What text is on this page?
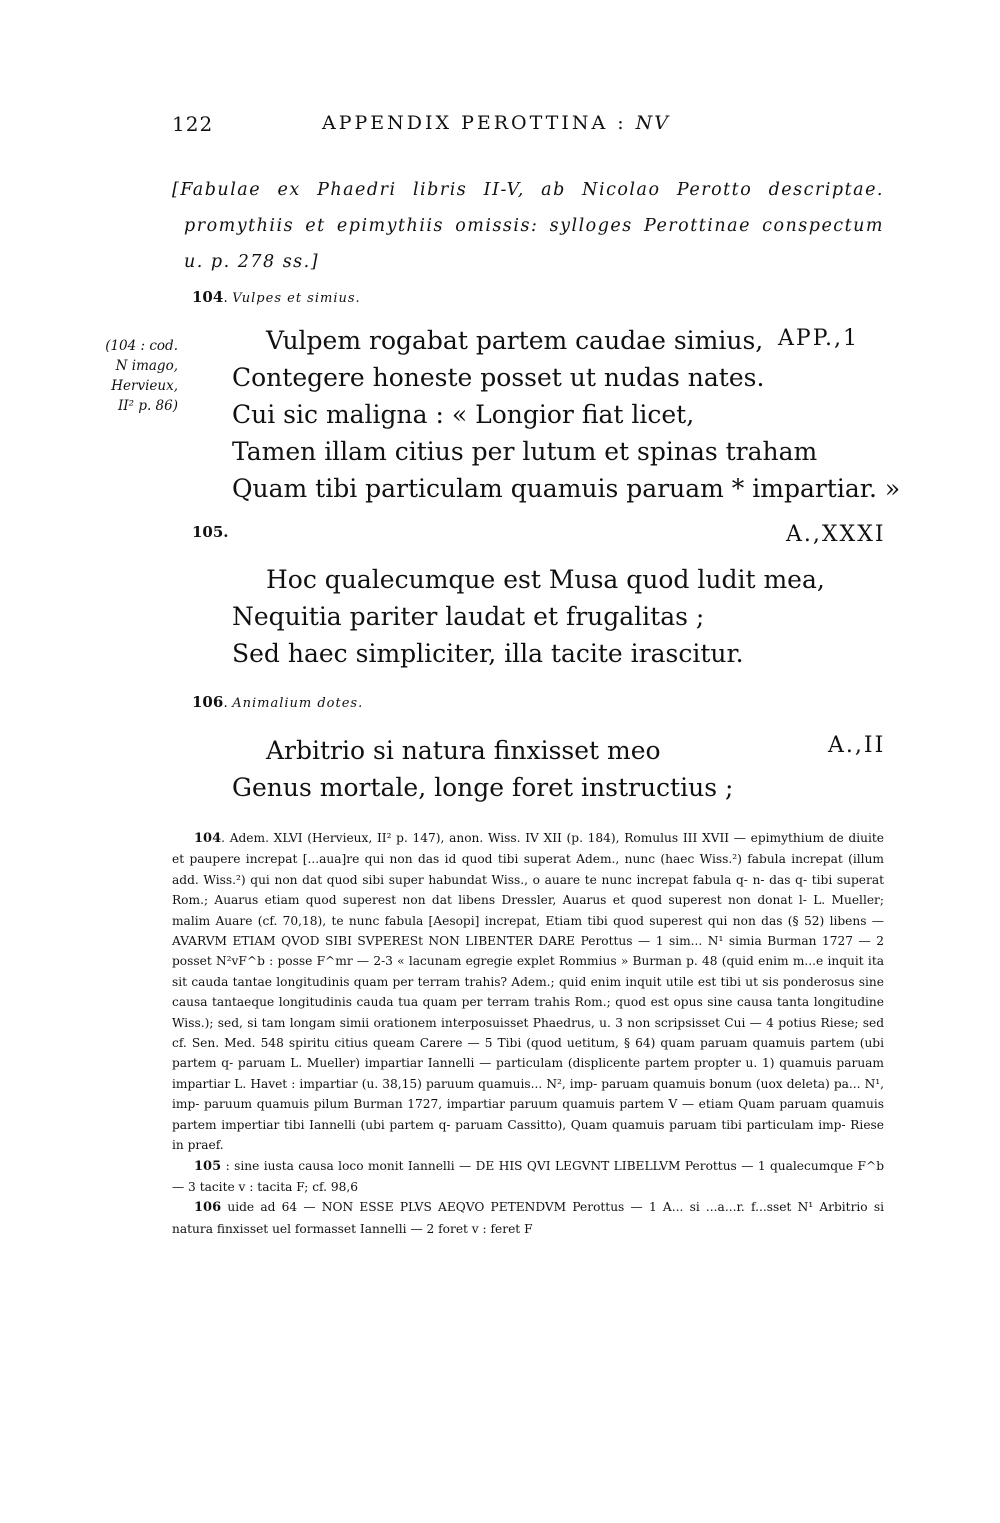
122	APPENDIX PEROTTINA : NV
[Fabulae ex Phaedri libris II-V, ab Nicolao Perotto descriptae. promythiis et epimythiis omissis: sylloges Perottinae conspectum u. p. 278 ss.]
104. Vulpes et simius.
(104 : cod.
N imago,
Hervieux,
II² p. 86)
Vulpem rogabat partem caudae simius,
Contegere honeste posset ut nudas nates.
Cui sic maligna : « Longior fiat licet,
Tamen illam citius per lutum et spinas traham
Quam tibi particulam quamuis paruam * impartiar. »
APP.,1
105.	A.,XXXI
Hoc qualecumque est Musa quod ludit mea,
Nequitia pariter laudat et frugalitas ;
Sed haec simpliciter, illa tacite irascitur.
106. Animalium dotes.
Arbitrio si natura finxisset meo
Genus mortale, longe foret instructius ;
A.,II

104. Adem. XLVI (Hervieux, II² p. 147), anon. Wiss. IV XII (p. 184), Romulus III XVII — epimythium de diuite et paupere increpat [...aua]re qui non das id quod tibi superat Adem., nunc (haec Wiss.²) fabula increpat (illum add. Wiss.²) qui non dat quod sibi super habundat Wiss., o auare te nunc increpat fabula q- n- das q- tibi superat Rom.; Auarus etiam quod superest non dat libens Dressler, Auarus et quod superest non donat l- L. Mueller; malim Auare (cf. 70,18), te nunc fabula [Aesopi] increpat, Etiam tibi quod superest qui non das (§ 52) libens — AVARVM ETIAM QVOD SIBI SVPERESt NON LIBENTER DARE Perottus — 1 sim... N¹ simia Burman 1727 — 2 posset N²vF^b : posse F^mr — 2-3 « lacunam egregie explet Rommius » Burman p. 48 (quid enim m...e inquit ita sit cauda tantae longitudinis quam per terram trahis? Adem.; quid enim inquit utile est tibi ut sis ponderosus sine causa tantaeque longitudinis cauda tua quam per terram trahis Rom.; quod est opus sine causa tanta longitudine Wiss.); sed, si tam longam simii orationem interposuisset Phaedrus, u. 3 non scripsisset Cui — 4 potius Riese; sed cf. Sen. Med. 548 spiritu citius queam Carere — 5 Tibi (quod uetitum, § 64) quam paruam quamuis partem (ubi partem q- paruam L. Mueller) impartiar Iannelli — particulam (displicente partem propter u. 1) quamuis paruam impartiar L. Havet : impartiar (u. 38,15) paruum quamuis... N², imp- paruam quamuis bonum (uox deleta) pa... N¹, imp- paruum quamuis pilum Burman 1727, impartiar paruum quamuis partem V — etiam Quam paruam quamuis partem impertiar tibi Iannelli (ubi partem q- paruam Cassitto), Quam quamuis paruam tibi particulam imp- Riese in praef.

105 : sine iusta causa loco monit Iannelli — DE HIS QVI LEGVNT LIBELLVM Perottus — 1 qualecumque F^b — 3 tacite v : tacita F; cf. 98,6

106 uide ad 64 — NON ESSE PLVS AEQVO PETENDVM Perottus — 1 A... si ...a...r. f...sset N¹ Arbitrio si natura finxisset uel formasset Iannelli — 2 foret v : feret F
